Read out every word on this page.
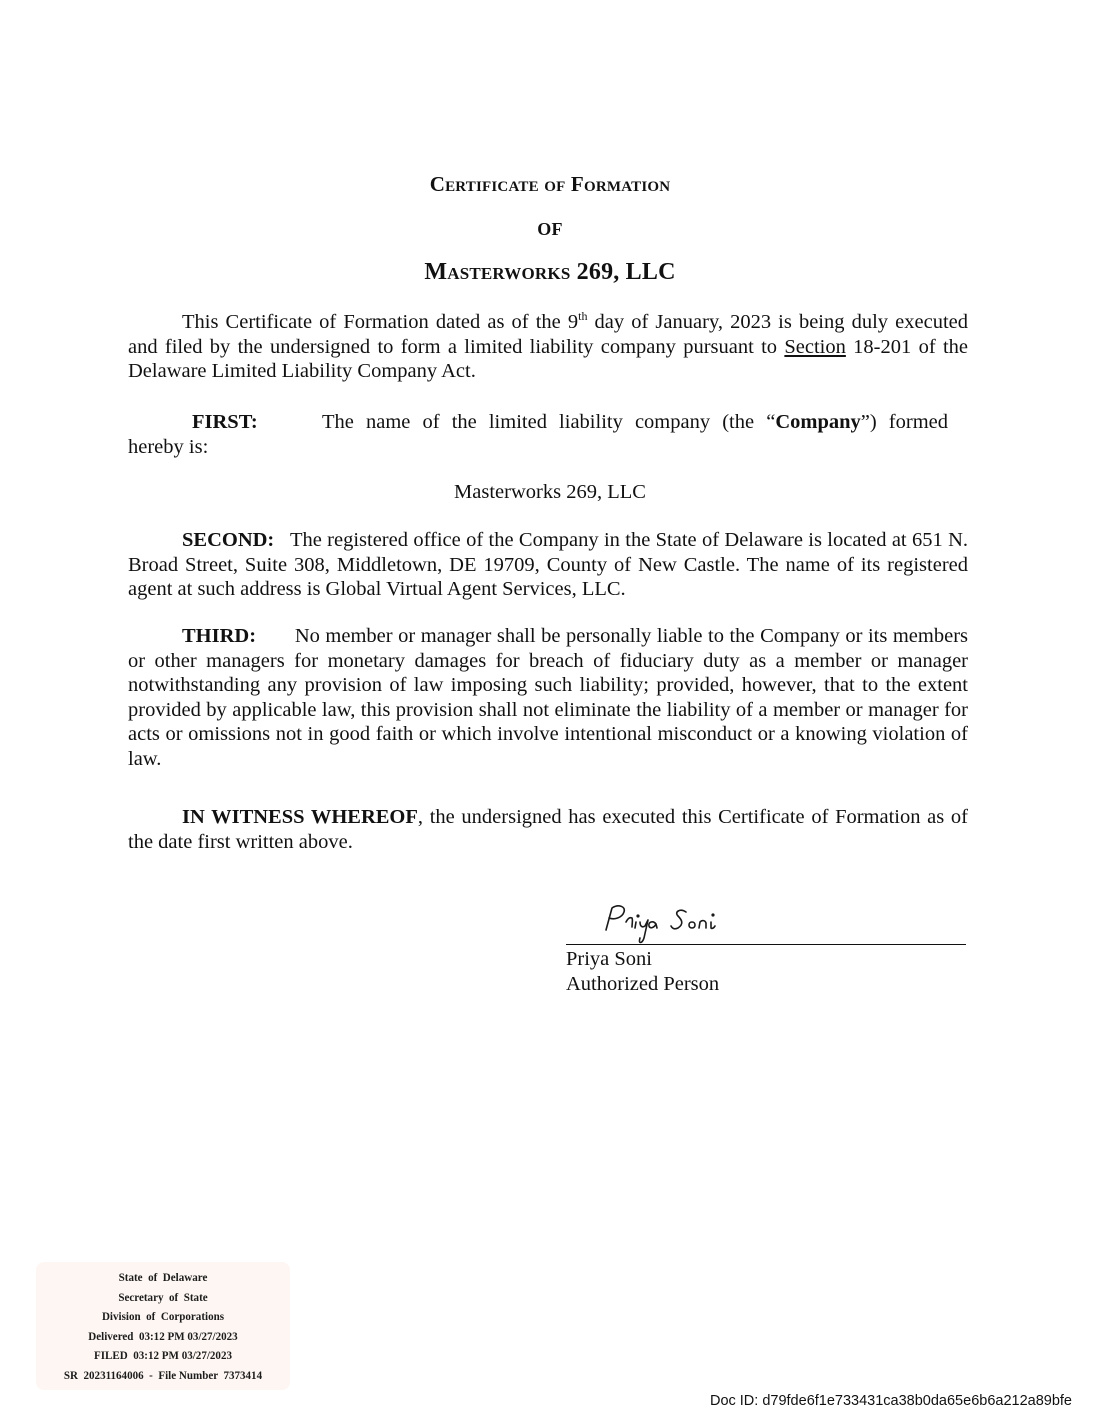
Certificate of Formation
OF
Masterworks 269, LLC
This Certificate of Formation dated as of the 9th day of January, 2023 is being duly executed and filed by the undersigned to form a limited liability company pursuant to Section 18-201 of the Delaware Limited Liability Company Act.
FIRST:	The name of the limited liability company (the “Company”) formed
hereby is:
Masterworks 269, LLC
SECOND: The registered office of the Company in the State of Delaware is located at 651 N. Broad Street, Suite 308, Middletown, DE 19709, County of New Castle. The name of its registered agent at such address is Global Virtual Agent Services, LLC.
THIRD: No member or manager shall be personally liable to the Company or its members or other managers for monetary damages for breach of fiduciary duty as a member or manager notwithstanding any provision of law imposing such liability; provided, however, that to the extent provided by applicable law, this provision shall not eliminate the liability of a member or manager for acts or omissions not in good faith or which involve intentional misconduct or a knowing violation of law.
IN WITNESS WHEREOF, the undersigned has executed this Certificate of Formation as of the date first written above.
Priya Soni
Authorized Person
State  of  Delaware
Secretary  of  State
Division  of  Corporations
Delivered  03:12 PM 03/27/2023
FILED  03:12 PM 03/27/2023
SR  20231164006  -  File Number  7373414
Doc ID: d79fde6f1e733431ca38b0da65e6b6a212a89bfe
